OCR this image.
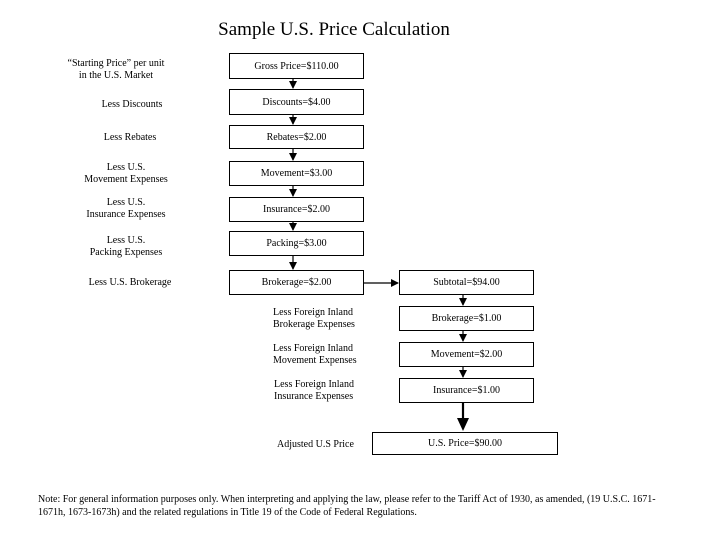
Sample U.S. Price Calculation
“Starting Price” per unit
in the U.S. Market
Less Discounts
Less Rebates
Less U.S.
Movement Expenses
Less U.S.
Insurance Expenses
Less U.S.
Packing Expenses
Less U.S. Brokerage
Gross Price=$110.00
Discounts=$4.00
Rebates=$2.00
Movement=$3.00
Insurance=$2.00
Packing=$3.00
Brokerage=$2.00
Less Foreign Inland
Brokerage Expenses
Less Foreign Inland
Movement Expenses
Less Foreign Inland
Insurance Expenses
Adjusted U.S Price
Subtotal=$94.00
Brokerage=$1.00
Movement=$2.00
Insurance=$1.00
U.S. Price=$90.00
Note: For general information purposes only. When interpreting and applying the law, please refer to the Tariff Act of 1930, as amended, (19 U.S.C. 1671-1671h, 1673-1673h) and the related regulations in Title 19 of the Code of Federal Regulations.
